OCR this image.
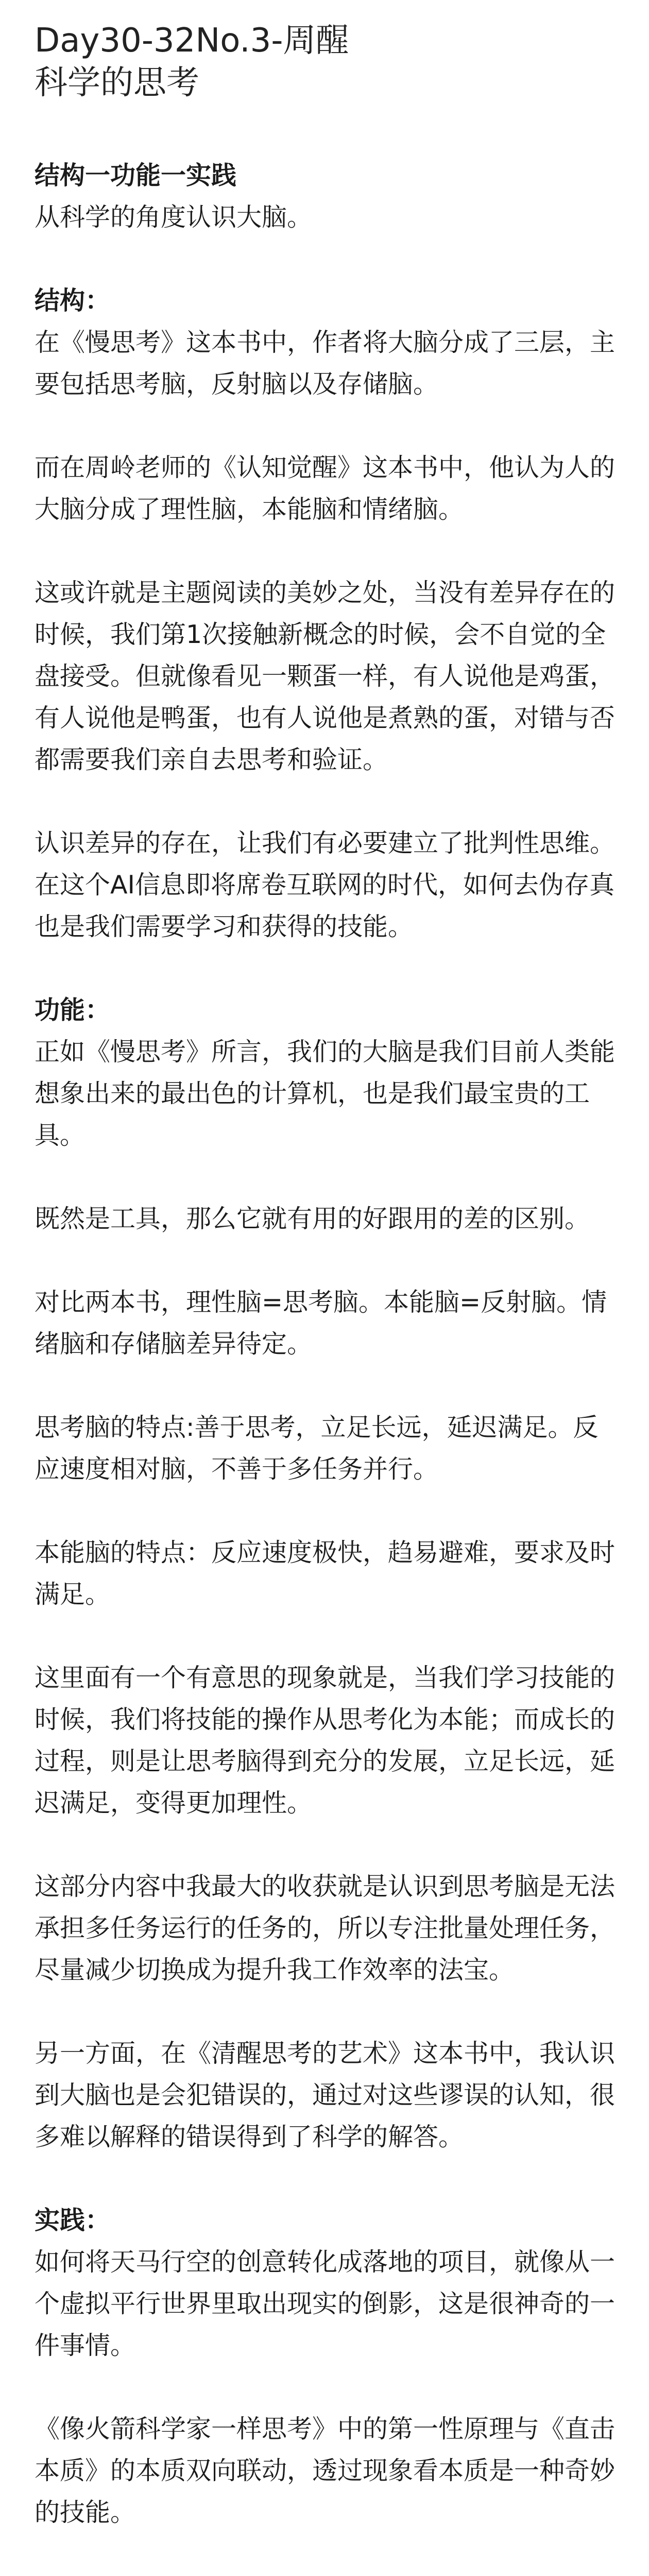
Day30-32No.3-周醒
科学的思考

结构一功能一实践

从科学的角度认识大脑。

结构：

在《慢思考》这本书中，作者将大脑分成了三层，主要包括思考脑，反射脑以及存储脑。

而在周岭老师的《认知觉醒》这本书中，他认为人的大脑分成了理性脑，本能脑和情绪脑。

这或许就是主题阅读的美妙之处，当没有差异存在的时候，我们第1次接触新概念的时候，会不自觉的全盘接受。但就像看见一颗蛋一样，有人说他是鸡蛋，有人说他是鸭蛋，也有人说他是煮熟的蛋，对错与否都需要我们亲自去思考和验证。

认识差异的存在，让我们有必要建立了批判性思维。在这个AI信息即将席卷互联网的时代，如何去伪存真也是我们需要学习和获得的技能。

功能：

正如《慢思考》所言，我们的大脑是我们目前人类能想象出来的最出色的计算机，也是我们最宝贵的工具。

既然是工具，那么它就有用的好跟用的差的区别。

对比两本书，理性脑=思考脑。本能脑=反射脑。情绪脑和存储脑差异待定。

思考脑的特点:善于思考，立足长远，延迟满足。反应速度相对脑，不善于多任务并行。

本能脑的特点：反应速度极快，趋易避难，要求及时满足。

这里面有一个有意思的现象就是，当我们学习技能的时候，我们将技能的操作从思考化为本能；而成长的过程，则是让思考脑得到充分的发展，立足长远，延迟满足，变得更加理性。

这部分内容中我最大的收获就是认识到思考脑是无法承担多任务运行的任务的，所以专注批量处理任务，尽量减少切换成为提升我工作效率的法宝。

另一方面，在《清醒思考的艺术》这本书中，我认识到大脑也是会犯错误的，通过对这些谬误的认知，很多难以解释的错误得到了科学的解答。

实践：

如何将天马行空的创意转化成落地的项目，就像从一个虚拟平行世界里取出现实的倒影，这是很神奇的一件事情。

《像火箭科学家一样思考》中的第一性原理与《直击本质》的本质双向联动，透过现象看本质是一种奇妙的技能。
